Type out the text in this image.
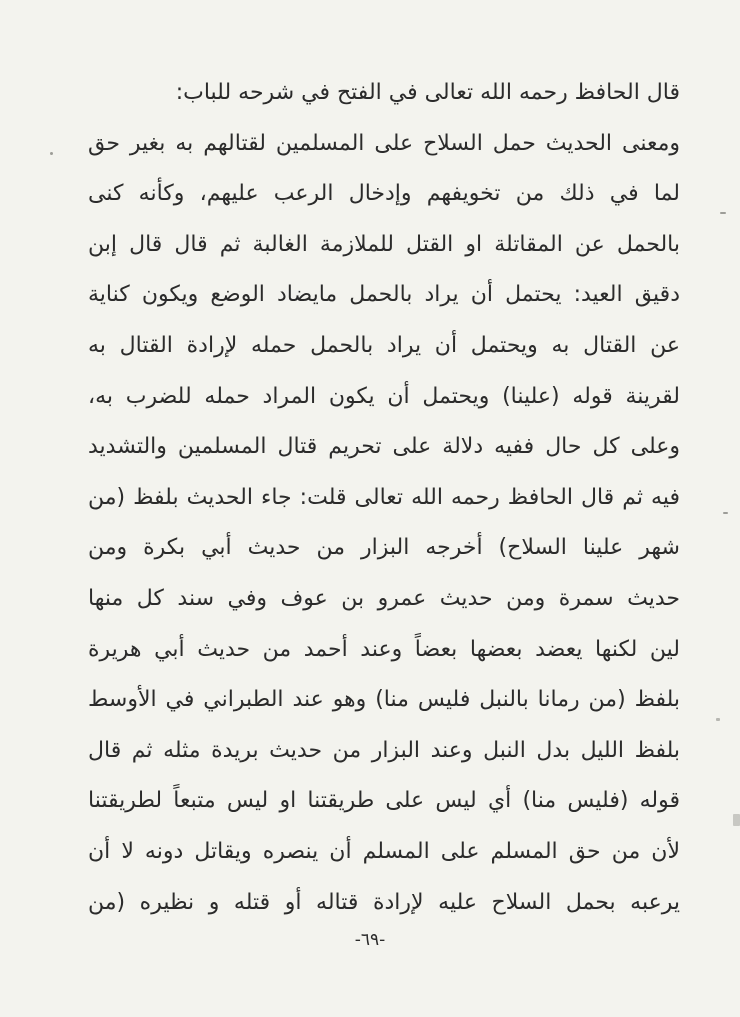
قال الحافظ رحمه الله تعالى في الفتح في شرحه للباب:
ومعنى الحديث حمل السلاح على المسلمين لقتالهم به بغير حق
لما في ذلك من تخويفهم وإدخال الرعب عليهم، وكأنه كنى
بالحمل عن المقاتلة او القتل للملازمة الغالبة ثم قال قال إبن
دقيق العيد: يحتمل أن يراد بالحمل مايضاد الوضع ويكون كناية
عن القتال به ويحتمل أن يراد بالحمل حمله لإرادة القتال به
لقرينة قوله (علينا) ويحتمل أن يكون المراد حمله للضرب به،
وعلى كل حال ففيه دلالة على تحريم قتال المسلمين والتشديد
فيه ثم قال الحافظ رحمه الله تعالى قلت: جاء الحديث بلفظ (من
شهر علينا السلاح) أخرجه البزار من حديث أبي بكرة ومن
حديث سمرة ومن حديث عمرو بن عوف وفي سند كل منها
لين لكنها يعضد بعضها بعضاً وعند أحمد من حديث أبي هريرة
بلفظ (من رمانا بالنبل فليس منا) وهو عند الطبراني في الأوسط
بلفظ الليل بدل النبل وعند البزار من حديث بريدة مثله ثم قال
قوله (فليس منا) أي ليس على طريقتنا او ليس متبعاً لطريقتنا
لأن من حق المسلم على المسلم أن ينصره ويقاتل دونه لا أن
يرعبه بحمل السلاح عليه لإرادة قتاله أو قتله و نظيره (من
-٦٩-
